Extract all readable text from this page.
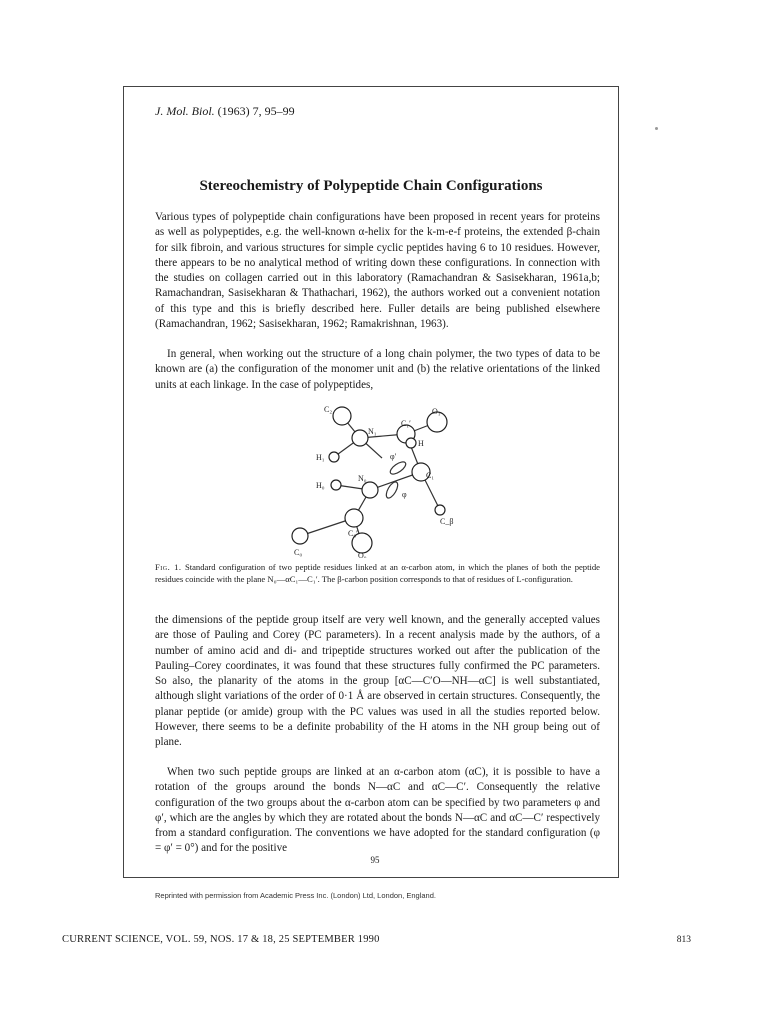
J. Mol. Biol. (1963) 7, 95–99
Stereochemistry of Polypeptide Chain Configurations

Various types of polypeptide chain configurations have been proposed in recent years for proteins as well as polypeptides, e.g. the well-known α-helix for the k-m-e-f proteins, the extended β-chain for silk fibroin, and various structures for simple cyclic peptides having 6 to 10 residues. However, there appears to be no analytical method of writing down these configurations. In connection with the studies on collagen carried out in this laboratory (Ramachandran & Sasisekharan, 1961a,b; Ramachandran, Sasisekharan & Thathachari, 1962), the authors worked out a convenient notation of this type and this is briefly described here. Fuller details are being published elsewhere (Ramachandran, 1962; Sasisekharan, 1962; Ramakrishnan, 1963).

In general, when working out the structure of a long chain polymer, the two types of data to be known are (a) the configuration of the monomer unit and (b) the relative orientations of the linked units at each linkage. In the case of polypeptides,

C₂	O₁
N₁
C₁′
H₁
H
φ′
C₁
H₀
N₀
φ
C_β
C₀
C₀′
O₀

Fig. 1. Standard configuration of two peptide residues linked at an α-carbon atom, in which the planes of both the peptide residues coincide with the plane N₀—αC₁—C₁′. The β-carbon position corresponds to that of residues of L-configuration.

the dimensions of the peptide group itself are very well known, and the generally accepted values are those of Pauling and Corey (PC parameters). In a recent analysis made by the authors, of a number of amino acid and di- and tripeptide structures worked out after the publication of the Pauling–Corey coordinates, it was found that these structures fully confirmed the PC parameters. So also, the planarity of the atoms in the group [αC—C′O—NH—αC] is well substantiated, although slight variations of the order of 0·1 Å are observed in certain structures. Consequently, the planar peptide (or amide) group with the PC values was used in all the studies reported below. However, there seems to be a definite probability of the H atoms in the NH group being out of plane.

When two such peptide groups are linked at an α-carbon atom (αC), it is possible to have a rotation of the groups around the bonds N—αC and αC—C′. Consequently the relative configuration of the two groups about the α-carbon atom can be specified by two parameters φ and φ′, which are the angles by which they are rotated about the bonds N—αC and αC—C′ respectively from a standard configuration. The conventions we have adopted for the standard configuration (φ = φ′ = 0°) and for the positive

95
Reprinted with permission from Academic Press Inc. (London) Ltd, London, England.
CURRENT SCIENCE, VOL. 59, NOS. 17 & 18, 25 SEPTEMBER 1990	813
